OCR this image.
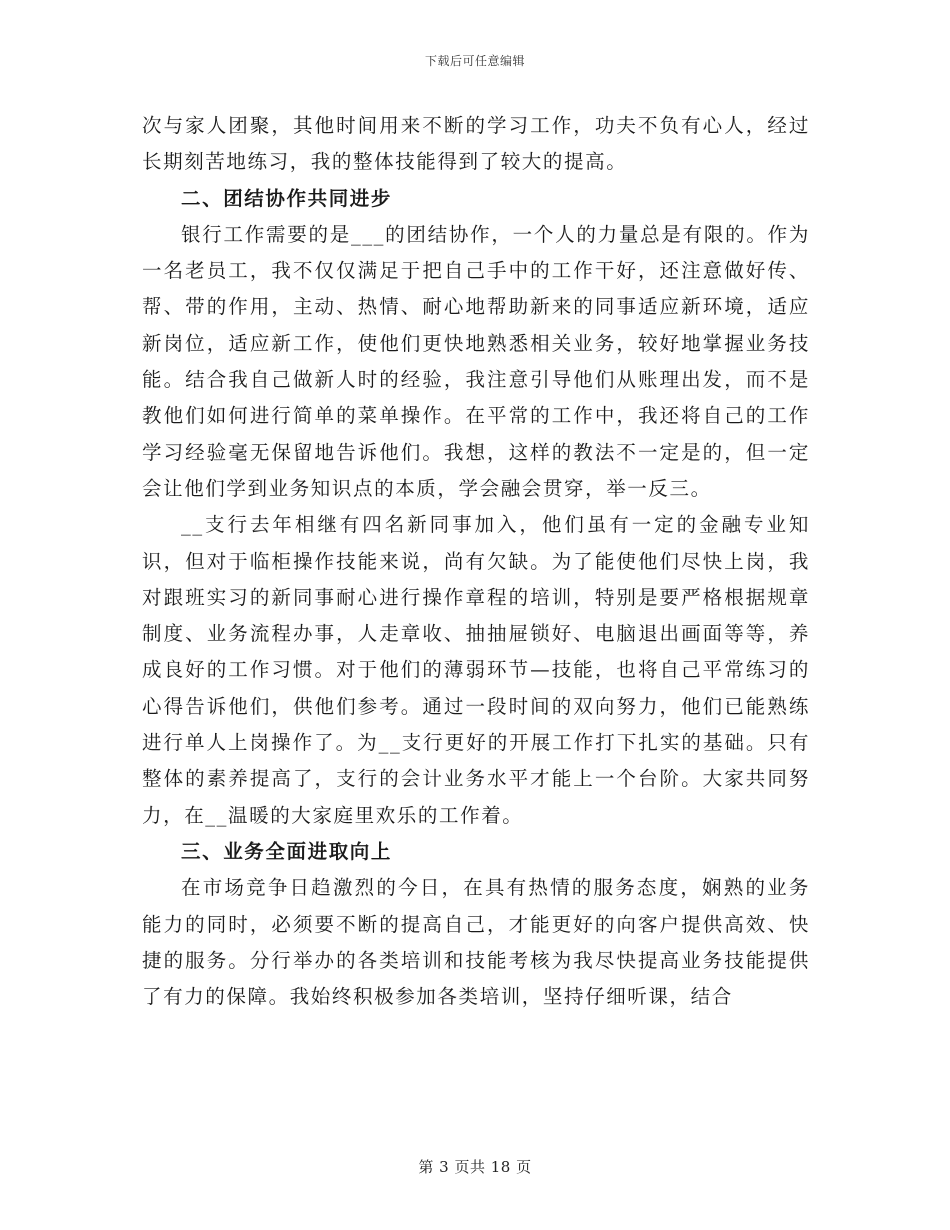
下载后可任意编辑

次与家人团聚，其他时间用来不断的学习工作，功夫不负有心人，经过长期刻苦地练习，我的整体技能得到了较大的提高。

二、团结协作共同进步

银行工作需要的是___的团结协作，一个人的力量总是有限的。作为一名老员工，我不仅仅满足于把自己手中的工作干好，还注意做好传、帮、带的作用，主动、热情、耐心地帮助新来的同事适应新环境，适应新岗位，适应新工作，使他们更快地熟悉相关业务，较好地掌握业务技能。结合我自己做新人时的经验，我注意引导他们从账理出发，而不是教他们如何进行简单的菜单操作。在平常的工作中，我还将自己的工作学习经验毫无保留地告诉他们。我想，这样的教法不一定是的，但一定会让他们学到业务知识点的本质，学会融会贯穿，举一反三。

__支行去年相继有四名新同事加入，他们虽有一定的金融专业知识，但对于临柜操作技能来说，尚有欠缺。为了能使他们尽快上岗，我对跟班实习的新同事耐心进行操作章程的培训，特别是要严格根据规章制度、业务流程办事，人走章收、抽抽屉锁好、电脑退出画面等等，养成良好的工作习惯。对于他们的薄弱环节—技能，也将自己平常练习的心得告诉他们，供他们参考。通过一段时间的双向努力，他们已能熟练进行单人上岗操作了。为__支行更好的开展工作打下扎实的基础。只有整体的素养提高了，支行的会计业务水平才能上一个台阶。大家共同努力，在__温暖的大家庭里欢乐的工作着。

三、业务全面进取向上

在市场竞争日趋激烈的今日，在具有热情的服务态度，娴熟的业务能力的同时，必须要不断的提高自己，才能更好的向客户提供高效、快捷的服务。分行举办的各类培训和技能考核为我尽快提高业务技能提供了有力的保障。我始终积极参加各类培训，坚持仔细听课，结合

第 3 页共 18 页
